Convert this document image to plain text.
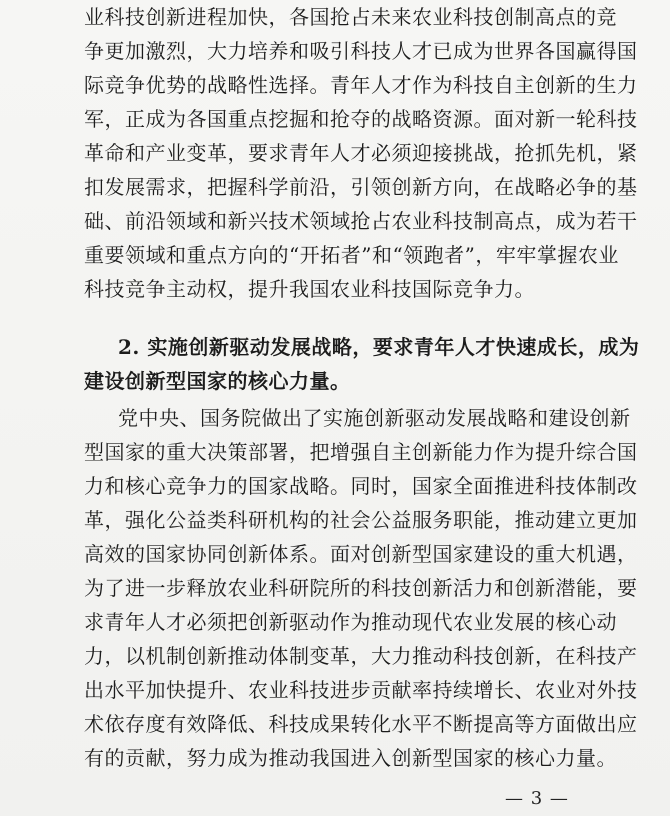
业科技创新进程加快，各国抢占未来农业科技创制高点的竞
争更加激烈，大力培养和吸引科技人才已成为世界各国赢得国
际竞争优势的战略性选择。青年人才作为科技自主创新的生力
军，正成为各国重点挖掘和抢夺的战略资源。面对新一轮科技
革命和产业变革，要求青年人才必须迎接挑战，抢抓先机，紧
扣发展需求，把握科学前沿，引领创新方向，在战略必争的基
础、前沿领域和新兴技术领域抢占农业科技制高点，成为若干
重要领域和重点方向的“开拓者”和“领跑者”，牢牢掌握农业
科技竞争主动权，提升我国农业科技国际竞争力。
2. 实施创新驱动发展战略，要求青年人才快速成长，成为
建设创新型国家的核心力量。
党中央、国务院做出了实施创新驱动发展战略和建设创新
型国家的重大决策部署，把增强自主创新能力作为提升综合国
力和核心竞争力的国家战略。同时，国家全面推进科技体制改
革，强化公益类科研机构的社会公益服务职能，推动建立更加
高效的国家协同创新体系。面对创新型国家建设的重大机遇，
为了进一步释放农业科研院所的科技创新活力和创新潜能，要
求青年人才必须把创新驱动作为推动现代农业发展的核心动
力，以机制创新推动体制变革，大力推动科技创新，在科技产
出水平加快提升、农业科技进步贡献率持续增长、农业对外技
术依存度有效降低、科技成果转化水平不断提高等方面做出应
有的贡献，努力成为推动我国进入创新型国家的核心力量。
— 3 —
